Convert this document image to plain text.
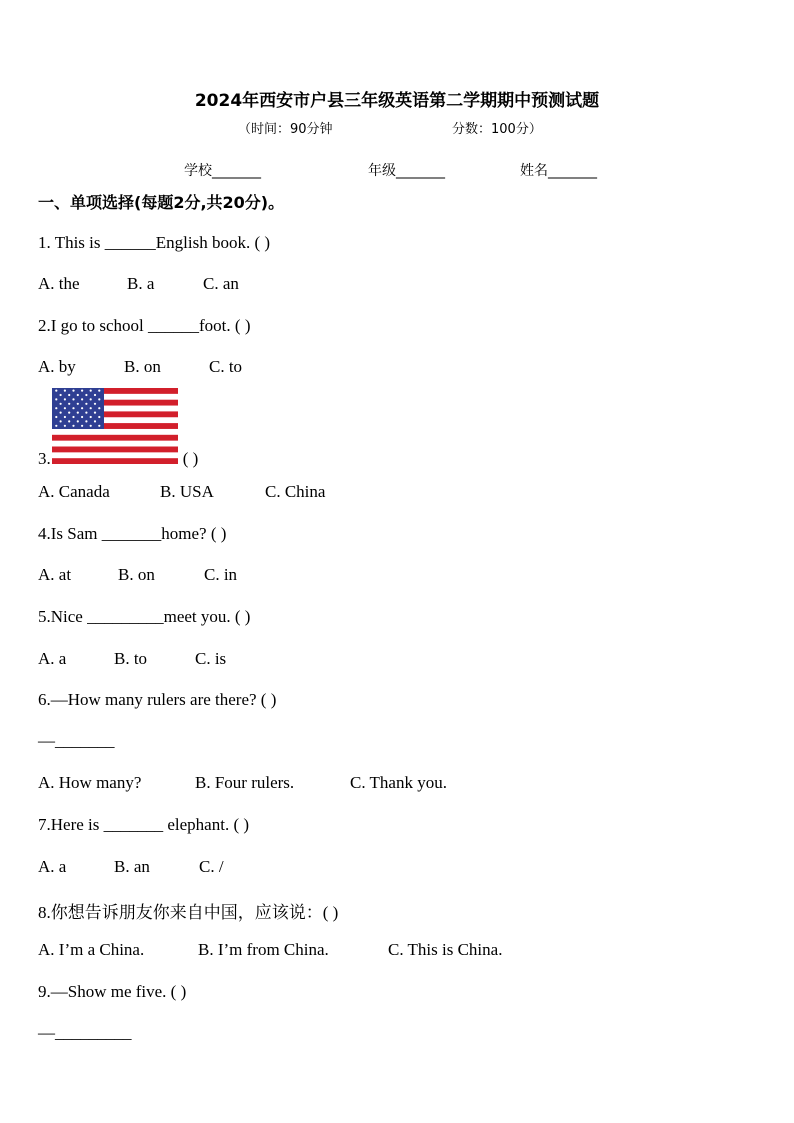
2024年西安市户县三年级英语第二学期期中预测试题
（时间：90分钟	分数：100分）
学校_______	年级_______	姓名_______
一、单项选择(每题2分,共20分)。
1. This is ______English book. ( )
A. the	B. a	C. an
2.I go to school ______foot. ( )
A. by	B. on	C. to
3.	( )
A. Canada	B. USA	C. China
4.Is Sam _______home? ( )
A. at	B. on	C. in
5.Nice _________meet you. ( )
A. a	B. to	C. is
6.—How many rulers are there? ( )
—_______
A. How many?	B. Four rulers.	C. Thank you.
7.Here is _______ elephant. ( )
A. a	B. an	C. /
8.你想告诉朋友你来自中国，应该说：( )
A. I’m a China.	B. I’m from China.	C. This is China.
9.—Show me five. ( )
—_________
